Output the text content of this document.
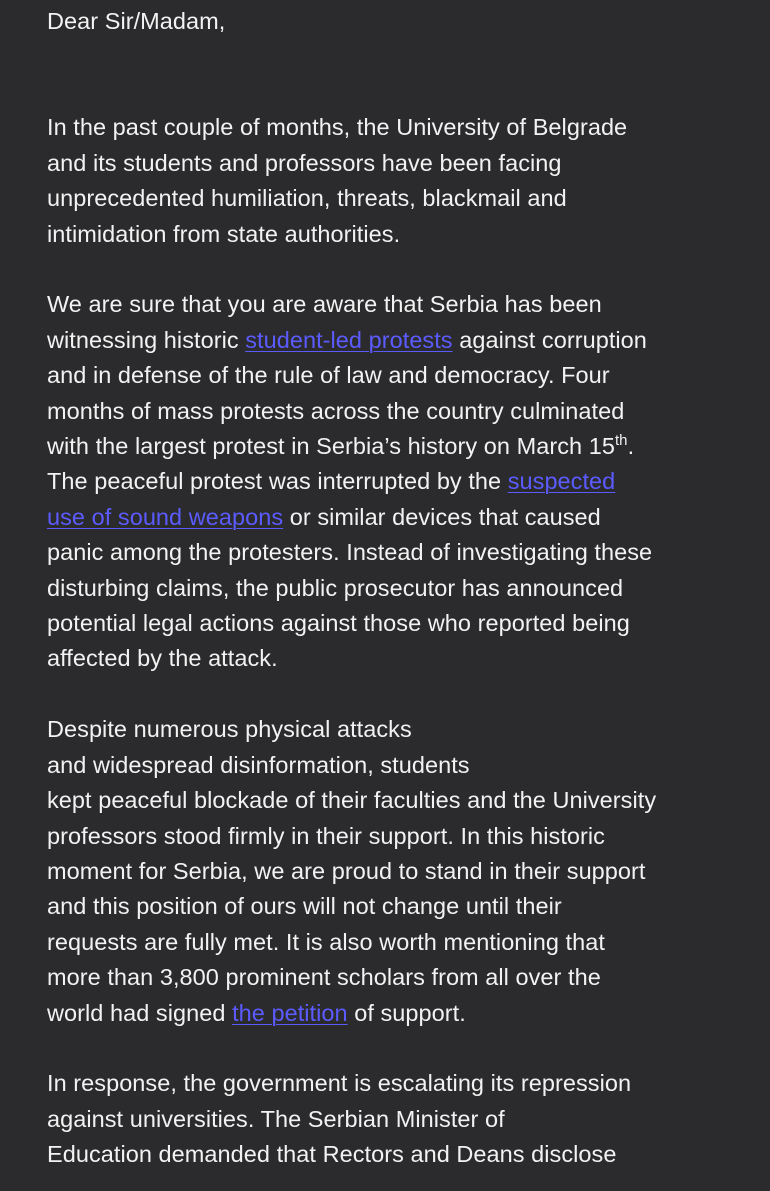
Dear Sir/Madam,
In the past couple of months, the University of Belgrade
and its students and professors have been facing
unprecedented humiliation, threats, blackmail and
intimidation from state authorities.
We are sure that you are aware that Serbia has been
witnessing historic student-led protests against corruption
and in defense of the rule of law and democracy. Four
months of mass protests across the country culminated
with the largest protest in Serbia’s history on March 15th.
The peaceful protest was interrupted by the suspected
use of sound weapons or similar devices that caused
panic among the protesters. Instead of investigating these
disturbing claims, the public prosecutor has announced
potential legal actions against those who reported being
affected by the attack.
Despite numerous physical attacks
and widespread disinformation, students
kept peaceful blockade of their faculties and the University
professors stood firmly in their support. In this historic
moment for Serbia, we are proud to stand in their support
and this position of ours will not change until their
requests are fully met. It is also worth mentioning that
more than 3,800 prominent scholars from all over the
world had signed the petition of support.
In response, the government is escalating its repression
against universities. The Serbian Minister of
Education demanded that Rectors and Deans disclose
